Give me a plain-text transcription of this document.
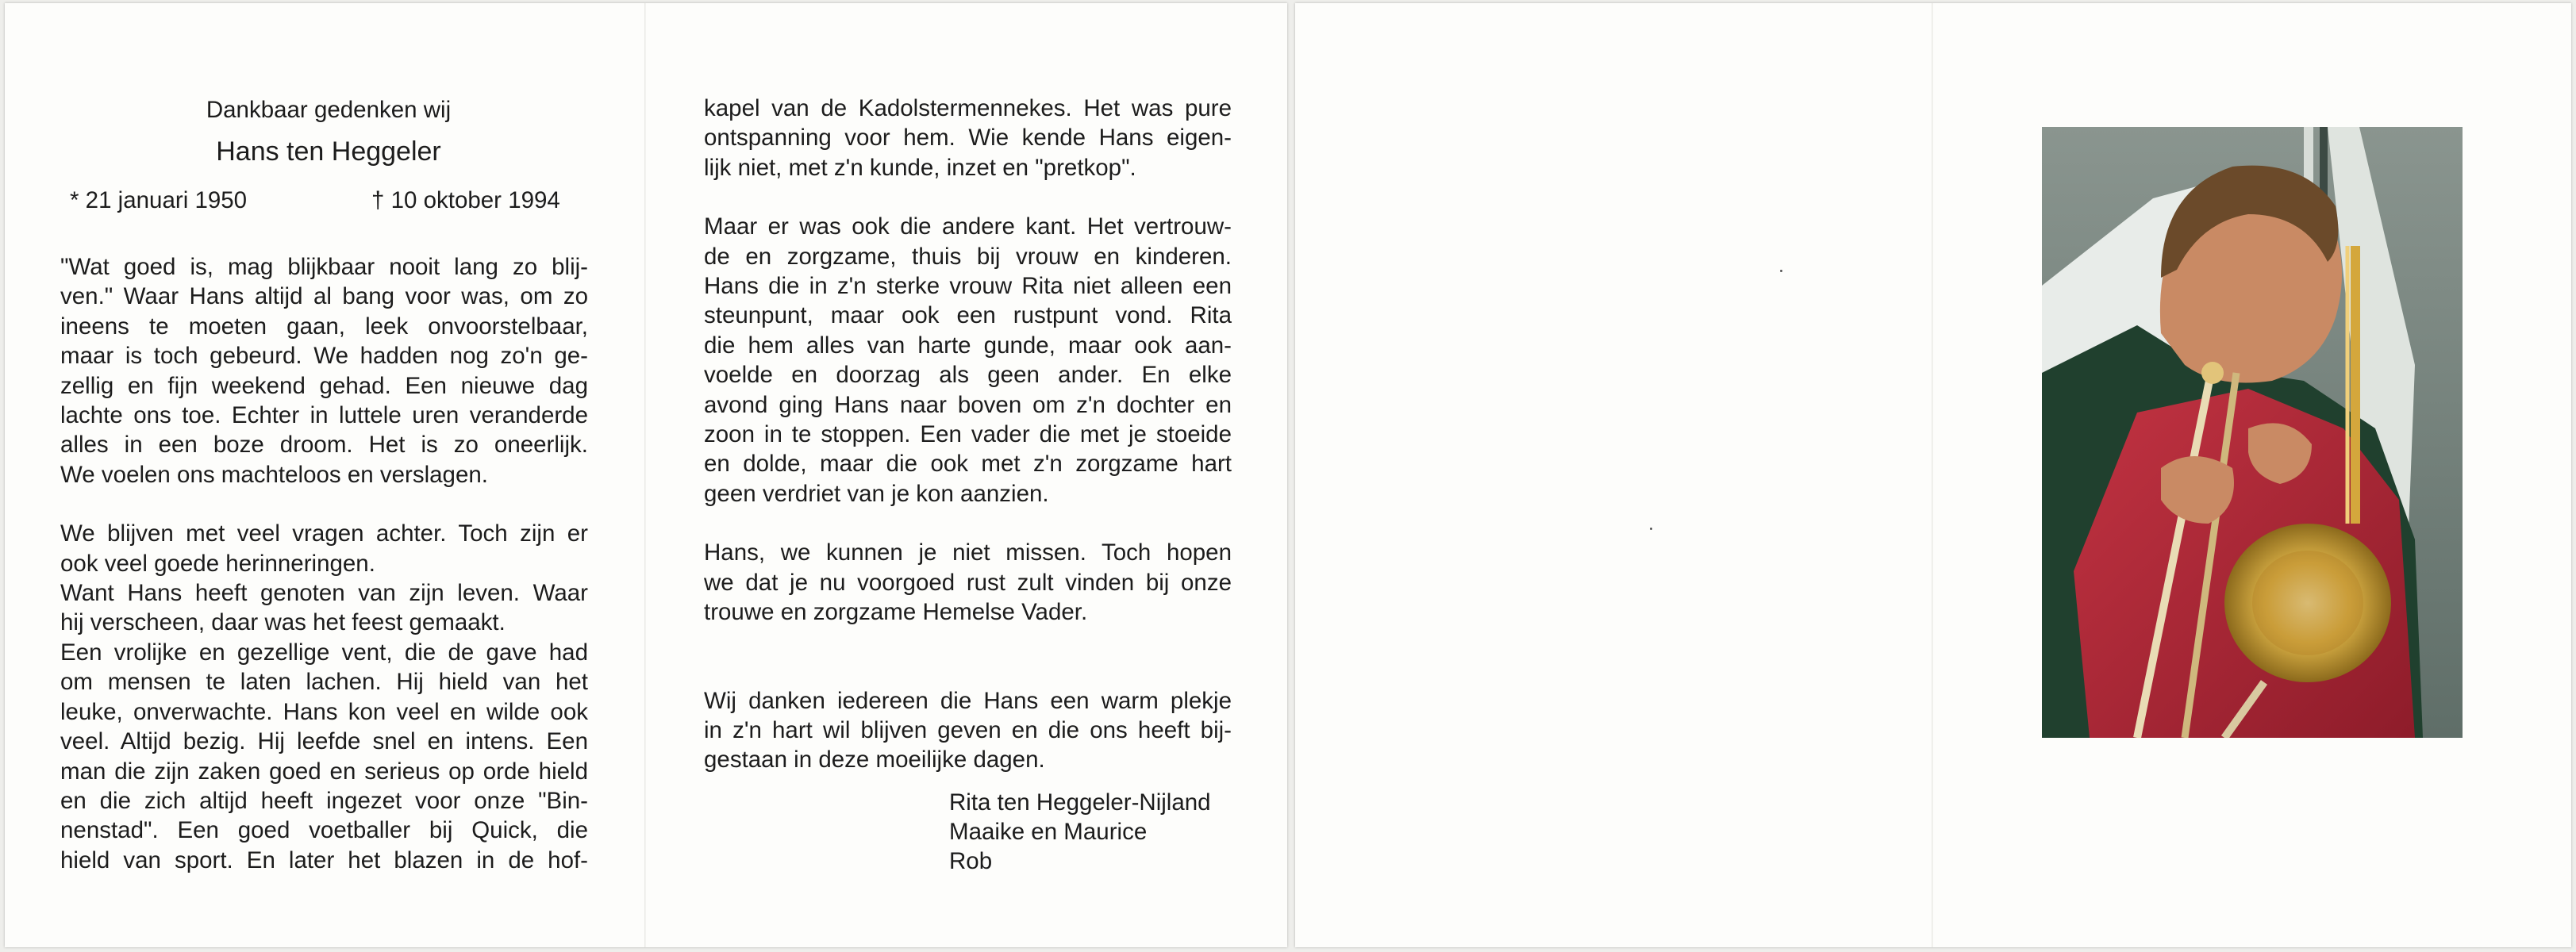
Dankbaar gedenken wij
Hans ten Heggeler
* 21 januari 1950	† 10 oktober 1994
"Wat goed is, mag blijkbaar nooit lang zo blij-
ven." Waar Hans altijd al bang voor was, om zo
ineens te moeten gaan, leek onvoorstelbaar,
maar is toch gebeurd. We hadden nog zo'n ge-
zellig en fijn weekend gehad. Een nieuwe dag
lachte ons toe. Echter in luttele uren veranderde
alles in een boze droom. Het is zo oneerlijk.
We voelen ons machteloos en verslagen.
We blijven met veel vragen achter. Toch zijn er
ook veel goede herinneringen.
Want Hans heeft genoten van zijn leven. Waar
hij verscheen, daar was het feest gemaakt.
Een vrolijke en gezellige vent, die de gave had
om mensen te laten lachen. Hij hield van het
leuke, onverwachte. Hans kon veel en wilde ook
veel. Altijd bezig. Hij leefde snel en intens. Een
man die zijn zaken goed en serieus op orde hield
en die zich altijd heeft ingezet voor onze "Bin-
nenstad". Een goed voetballer bij Quick, die
hield van sport. En later het blazen in de hof-
kapel van de Kadolstermennekes. Het was pure
ontspanning voor hem. Wie kende Hans eigen-
lijk niet, met z'n kunde, inzet en "pretkop".
Maar er was ook die andere kant. Het vertrouw-
de en zorgzame, thuis bij vrouw en kinderen.
Hans die in z'n sterke vrouw Rita niet alleen een
steunpunt, maar ook een rustpunt vond. Rita
die hem alles van harte gunde, maar ook aan-
voelde en doorzag als geen ander. En elke
avond ging Hans naar boven om z'n dochter en
zoon in te stoppen. Een vader die met je stoeide
en dolde, maar die ook met z'n zorgzame hart
geen verdriet van je kon aanzien.
Hans, we kunnen je niet missen. Toch hopen
we dat je nu voorgoed rust zult vinden bij onze
trouwe en zorgzame Hemelse Vader.
Wij danken iedereen die Hans een warm plekje
in z'n hart wil blijven geven en die ons heeft bij-
gestaan in deze moeilijke dagen.
Rita ten Heggeler-Nijland
Maaike en Maurice
Rob
